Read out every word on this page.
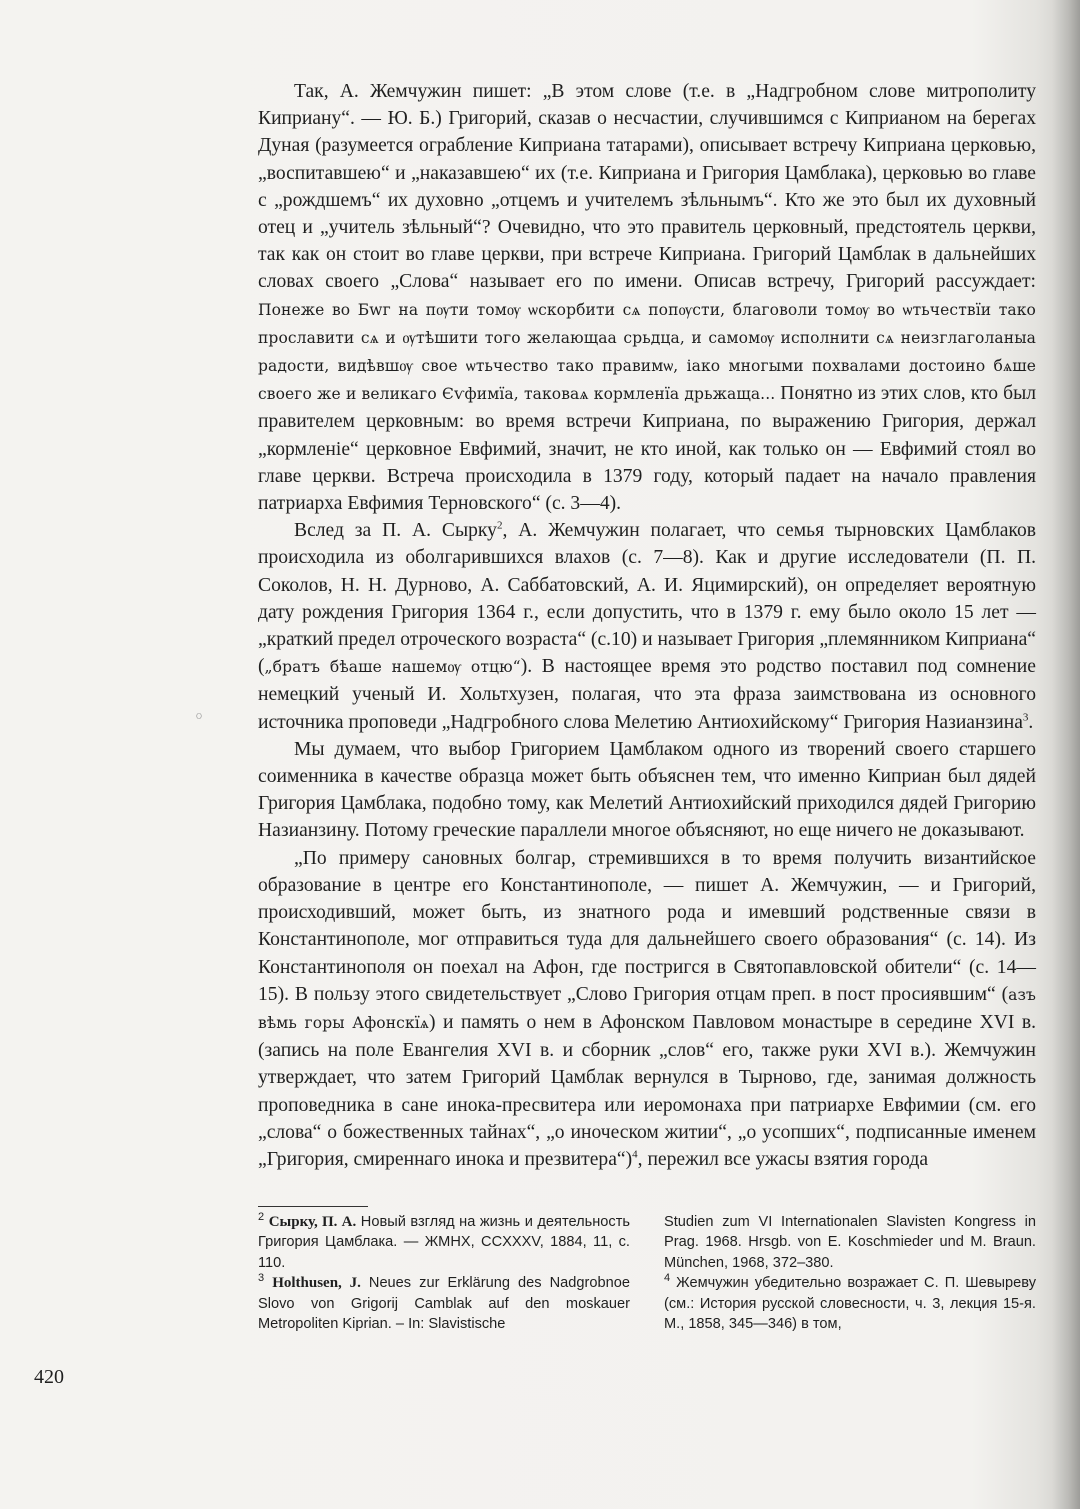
Так, А. Жемчужин пишет: „В этом слове (т.е. в „Надгробном слове митрополиту Киприану“. — Ю. Б.) Григорий, сказав о несчастии, случившимся с Киприаном на берегах Дуная (разумеется ограбление Киприана татарами), описывает встречу Киприана церковью, „воспитавшею“ и „наказавшею“ их (т.е. Киприана и Григория Цамблака), церковью во главе с „рождшемъ“ их духовно „отцемъ и учителемъ зѣльнымъ“. Кто же это был их духовный отец и „учитель зѣльный“? Очевидно, что это правитель церковный, предстоятель церкви, так как он стоит во главе церкви, при встрече Киприана. Григорий Цамблак в дальнейших словах своего „Слова“ называет его по имени. Описав встречу, Григорий рассуждает: Понеже во Бwг на пѹти томѹ ѡскорбити сѧ попѹсти, благоволи томѹ во ѡтьчествїи тако прославити сѧ и ѹтѣшити того желающаа срьдца, и самомѹ исполнити сѧ неизглаголаныа радости, видѣвшѹ свое ѡтьчество тако правимѡ, іако многыми похвалами достоино бѧше своего же и великаго Єѵфимїа, таковаѧ кормленїа дрьжаща... Понятно из этих слов, кто был правителем церковным: во время встречи Киприана, по выражению Григория, держал „кормленіе“ церковное Евфимий, значит, не кто иной, как только он — Евфимий стоял во главе церкви. Встреча происходила в 1379 году, который падает на начало правления патриарха Евфимия Терновского“ (с. 3—4).

Вслед за П. А. Сырку$^2$, А. Жемчужин полагает, что семья тырновских Цамблаков происходила из оболгарившихся влахов (с. 7—8). Как и другие исследователи (П. П. Соколов, Н. Н. Дурново, А. Саббатовский, А. И. Яцимирский), он определяет вероятную дату рождения Григория 1364 г., если допустить, что в 1379 г. ему было около 15 лет — „краткий предел отроческого возраста“ (с.10) и называет Григория „племянником Киприана“ („братъ бѣаше нашемѹ отцю“). В настоящее время это родство поставил под сомнение немецкий ученый И. Хольтхузен, полагая, что эта фраза заимствована из основного источника проповеди „Надгробного слова Мелетию Антиохийскому“ Григория Назианзина$^3$.

Мы думаем, что выбор Григорием Цамблаком одного из творений своего старшего соименника в качестве образца может быть объяснен тем, что именно Киприан был дядей Григория Цамблака, подобно тому, как Мелетий Антиохийский приходился дядей Григорию Назианзину. Потому греческие параллели многое объясняют, но еще ничего не доказывают.

„По примеру сановных болгар, стремившихся в то время получить византийское образование в центре его Константинополе, — пишет А. Жемчужин, — и Григорий, происходивший, может быть, из знатного рода и имевший родственные связи в Константинополе, мог отправиться туда для дальнейшего своего образования“ (с. 14). Из Константинополя он поехал на Афон, где постригся в Святопавловской обители“ (с. 14—15). В пользу этого свидетельствует „Слово Григория отцам преп. в пост просиявшим“ (азъ вѣмь горы Афонскїѧ) и память о нем в Афонском Павловом монастыре в середине XVI в. (запись на поле Евангелия XVI в. и сборник „слов“ его, также руки XVI в.). Жемчужин утверждает, что затем Григорий Цамблак вернулся в Тырново, где, занимая должность проповедника в сане инока-пресвитера или иеромонаха при патриархе Евфимии (см. его „слова“ о божественных тайнах“, „о иноческом житии“, „о усопших“, подписанные именем „Григория, смиреннаго инока и презвитера“)$^4$, пережил все ужасы взятия города

$^2$ Сырку, П. А. Новый взгляд на жизнь и деятельность Григория Цамблака. — ЖМНХ, CCXXXV, 1884, 11, с. 110.

$^3$ Holthusen, J. Neues zur Erklärung des Nadgrobnoe Slovo von Grigorij Camblak auf den moskauer Metropoliten Kiprian. – In: Slavistische

Studien zum VI Internationalen Slavisten Kongress in Prag. 1968. Hrsgb. von E. Koschmieder und M. Braun. München, 1968, 372–380.

$^4$ Жемчужин убедительно возражает С. П. Шевыреву (см.: История русской словесности, ч. 3, лекция 15-я. М., 1858, 345—346) в том,

420
ଠ
